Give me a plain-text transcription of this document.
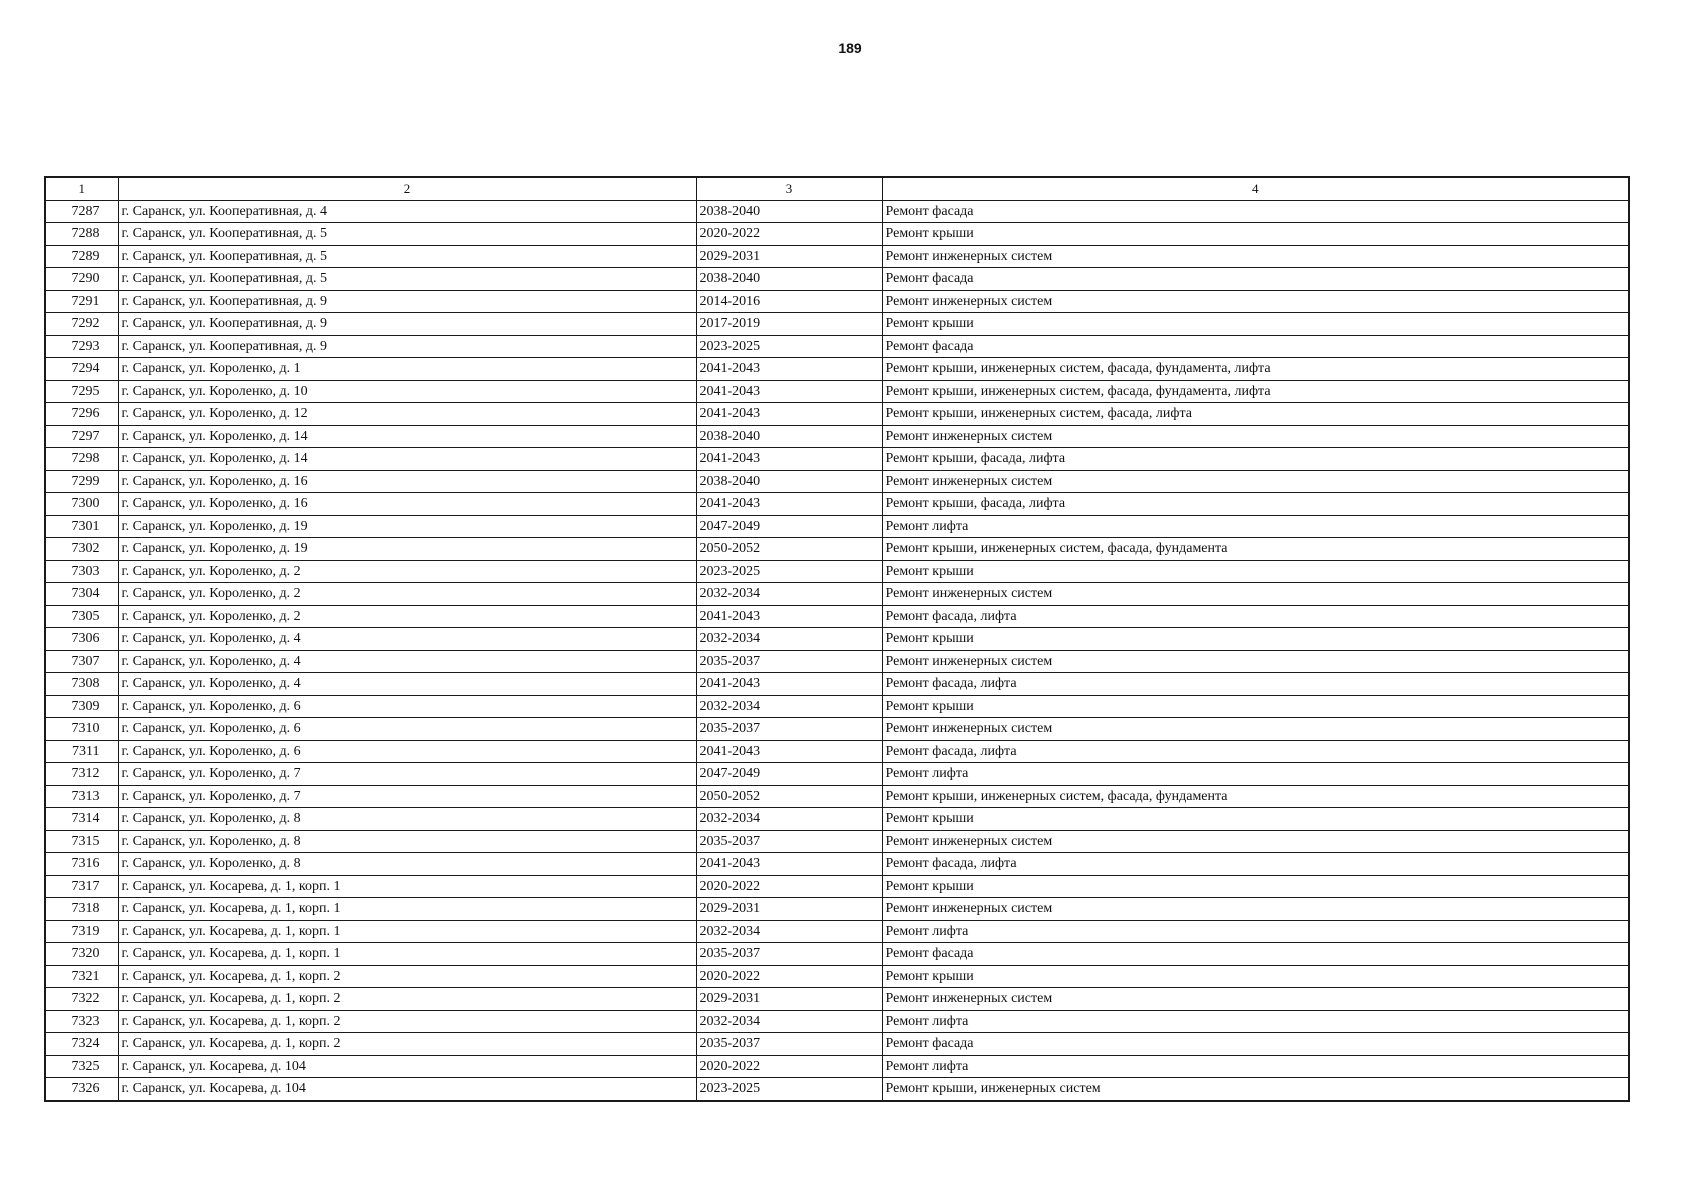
189
1	2	3	4
7287	г. Саранск, ул. Кооперативная, д. 4	2038-2040	Ремонт фасада
7288	г. Саранск, ул. Кооперативная, д. 5	2020-2022	Ремонт крыши
7289	г. Саранск, ул. Кооперативная, д. 5	2029-2031	Ремонт инженерных систем
7290	г. Саранск, ул. Кооперативная, д. 5	2038-2040	Ремонт фасада
7291	г. Саранск, ул. Кооперативная, д. 9	2014-2016	Ремонт инженерных систем
7292	г. Саранск, ул. Кооперативная, д. 9	2017-2019	Ремонт крыши
7293	г. Саранск, ул. Кооперативная, д. 9	2023-2025	Ремонт фасада
7294	г. Саранск, ул. Короленко, д. 1	2041-2043	Ремонт крыши, инженерных систем, фасада, фундамента, лифта
7295	г. Саранск, ул. Короленко, д. 10	2041-2043	Ремонт крыши, инженерных систем, фасада, фундамента, лифта
7296	г. Саранск, ул. Короленко, д. 12	2041-2043	Ремонт крыши, инженерных систем, фасада, лифта
7297	г. Саранск, ул. Короленко, д. 14	2038-2040	Ремонт инженерных систем
7298	г. Саранск, ул. Короленко, д. 14	2041-2043	Ремонт крыши, фасада, лифта
7299	г. Саранск, ул. Короленко, д. 16	2038-2040	Ремонт инженерных систем
7300	г. Саранск, ул. Короленко, д. 16	2041-2043	Ремонт крыши, фасада, лифта
7301	г. Саранск, ул. Короленко, д. 19	2047-2049	Ремонт лифта
7302	г. Саранск, ул. Короленко, д. 19	2050-2052	Ремонт крыши, инженерных систем, фасада, фундамента
7303	г. Саранск, ул. Короленко, д. 2	2023-2025	Ремонт крыши
7304	г. Саранск, ул. Короленко, д. 2	2032-2034	Ремонт инженерных систем
7305	г. Саранск, ул. Короленко, д. 2	2041-2043	Ремонт фасада, лифта
7306	г. Саранск, ул. Короленко, д. 4	2032-2034	Ремонт крыши
7307	г. Саранск, ул. Короленко, д. 4	2035-2037	Ремонт инженерных систем
7308	г. Саранск, ул. Короленко, д. 4	2041-2043	Ремонт фасада, лифта
7309	г. Саранск, ул. Короленко, д. 6	2032-2034	Ремонт крыши
7310	г. Саранск, ул. Короленко, д. 6	2035-2037	Ремонт инженерных систем
7311	г. Саранск, ул. Короленко, д. 6	2041-2043	Ремонт фасада, лифта
7312	г. Саранск, ул. Короленко, д. 7	2047-2049	Ремонт лифта
7313	г. Саранск, ул. Короленко, д. 7	2050-2052	Ремонт крыши, инженерных систем, фасада, фундамента
7314	г. Саранск, ул. Короленко, д. 8	2032-2034	Ремонт крыши
7315	г. Саранск, ул. Короленко, д. 8	2035-2037	Ремонт инженерных систем
7316	г. Саранск, ул. Короленко, д. 8	2041-2043	Ремонт фасада, лифта
7317	г. Саранск, ул. Косарева, д. 1, корп. 1	2020-2022	Ремонт крыши
7318	г. Саранск, ул. Косарева, д. 1, корп. 1	2029-2031	Ремонт инженерных систем
7319	г. Саранск, ул. Косарева, д. 1, корп. 1	2032-2034	Ремонт лифта
7320	г. Саранск, ул. Косарева, д. 1, корп. 1	2035-2037	Ремонт фасада
7321	г. Саранск, ул. Косарева, д. 1, корп. 2	2020-2022	Ремонт крыши
7322	г. Саранск, ул. Косарева, д. 1, корп. 2	2029-2031	Ремонт инженерных систем
7323	г. Саранск, ул. Косарева, д. 1, корп. 2	2032-2034	Ремонт лифта
7324	г. Саранск, ул. Косарева, д. 1, корп. 2	2035-2037	Ремонт фасада
7325	г. Саранск, ул. Косарева, д. 104	2020-2022	Ремонт лифта
7326	г. Саранск, ул. Косарева, д. 104	2023-2025	Ремонт крыши, инженерных систем
